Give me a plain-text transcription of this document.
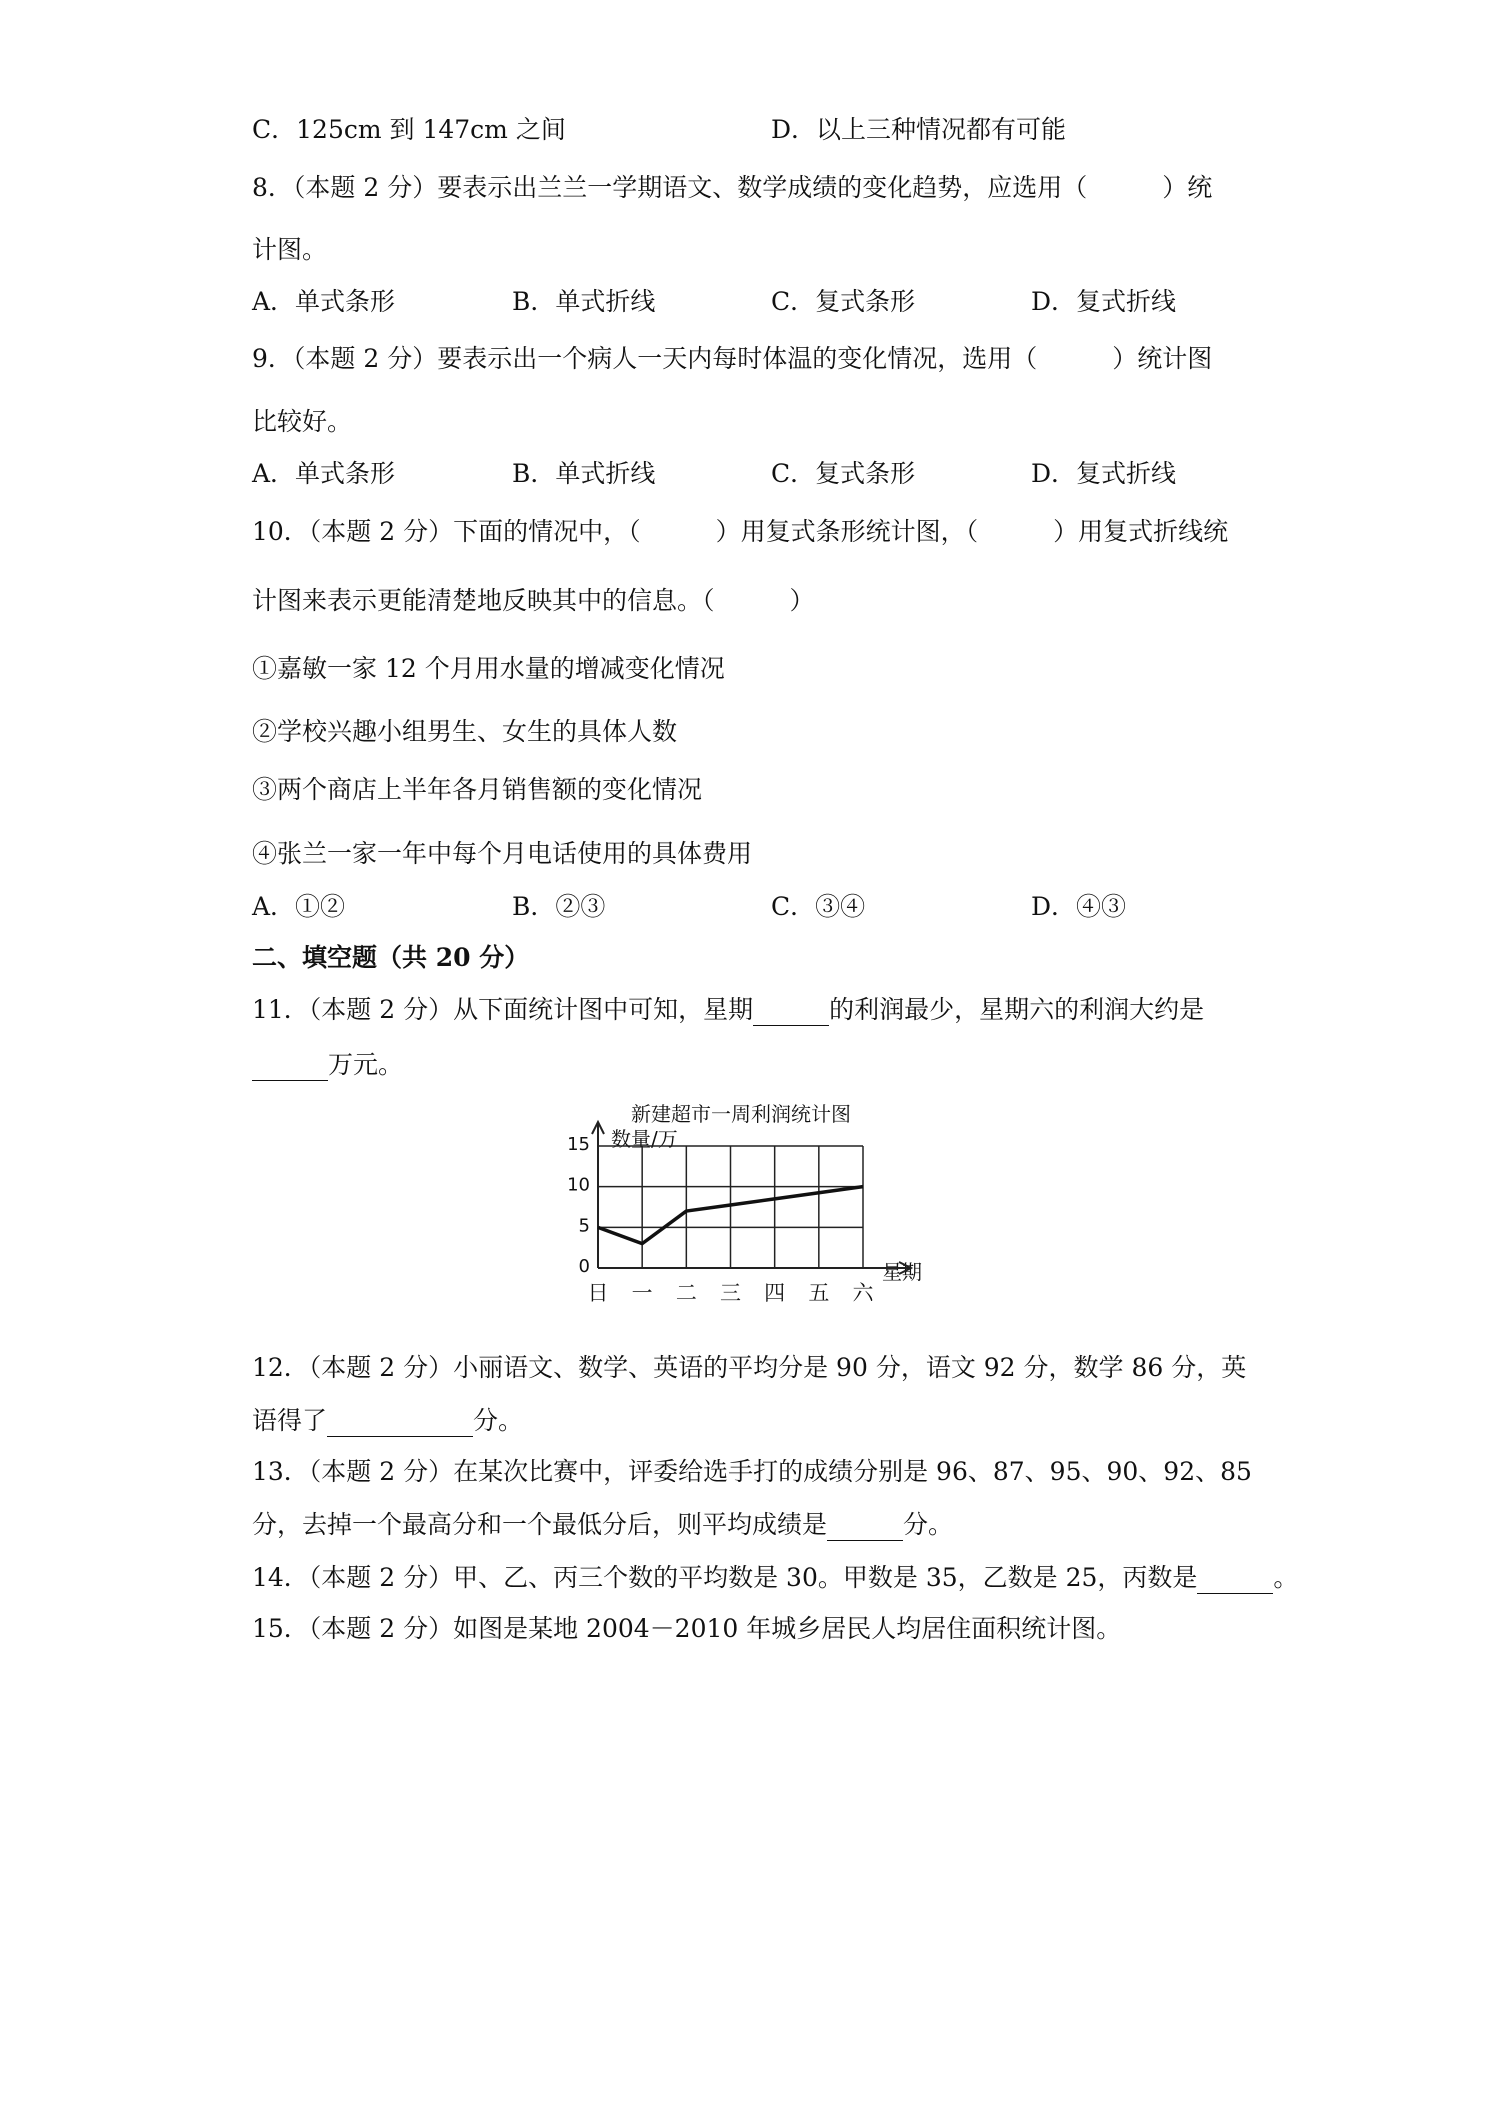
C．125cm 到 147cm 之间	D．以上三种情况都有可能
8．（本题 2 分）要表示出兰兰一学期语文、数学成绩的变化趋势，应选用（　　　）统
计图。
A．单式条形	B．单式折线	C．复式条形	D．复式折线
9．（本题 2 分）要表示出一个病人一天内每时体温的变化情况，选用（　　　）统计图
比较好。
A．单式条形	B．单式折线	C．复式条形	D．复式折线
10．（本题 2 分）下面的情况中，（　　　）用复式条形统计图，（　　　）用复式折线统
计图来表示更能清楚地反映其中的信息。（　　　）
①嘉敏一家 12 个月用水量的增减变化情况
②学校兴趣小组男生、女生的具体人数
③两个商店上半年各月销售额的变化情况
④张兰一家一年中每个月电话使用的具体费用
A．①②	B．②③	C．③④	D．④③
二、填空题（共 20 分）
11．（本题 2 分）从下面统计图中可知，星期	的利润最少，星期六的利润大约是
万元。
新建超市一周利润统计图
数量/万
星期
0
5
10
15
日 一 二 三 四 五 六
12．（本题 2 分）小丽语文、数学、英语的平均分是 90 分，语文 92 分，数学 86 分，英
语得了	分。
13．（本题 2 分）在某次比赛中，评委给选手打的成绩分别是 96、87、95、90、92、85
分，去掉一个最高分和一个最低分后，则平均成绩是	分。
14．（本题 2 分）甲、乙、丙三个数的平均数是 30。甲数是 35，乙数是 25，丙数是	。
15．（本题 2 分）如图是某地 2004－2010 年城乡居民人均居住面积统计图。
